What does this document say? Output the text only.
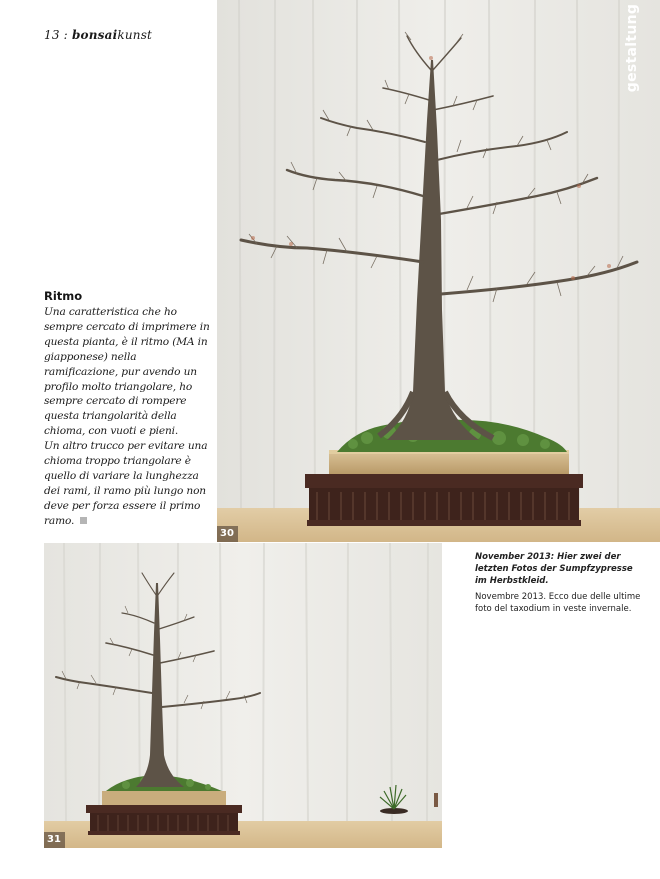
13 : bonsaikunst
30
gestaltung
Ritmo

Una caratteristica che ho sempre cercato di imprimere in questa pianta, è il ritmo (MA in giapponese) nella ramificazione, pur avendo un profilo molto triangolare, ho sempre cercato di rompere questa triangolarità della chioma, con vuoti e pieni.

Un altro trucco per evitare una chioma troppo triangolare è quello di variare la lunghezza dei rami, il ramo più lungo non deve per forza essere il primo ramo.

31

November 2013: Hier zwei der letzten Fotos der Sumpfzypresse im Herbstkleid.

Novembre 2013. Ecco due delle ultime foto del taxodium in veste invernale.
